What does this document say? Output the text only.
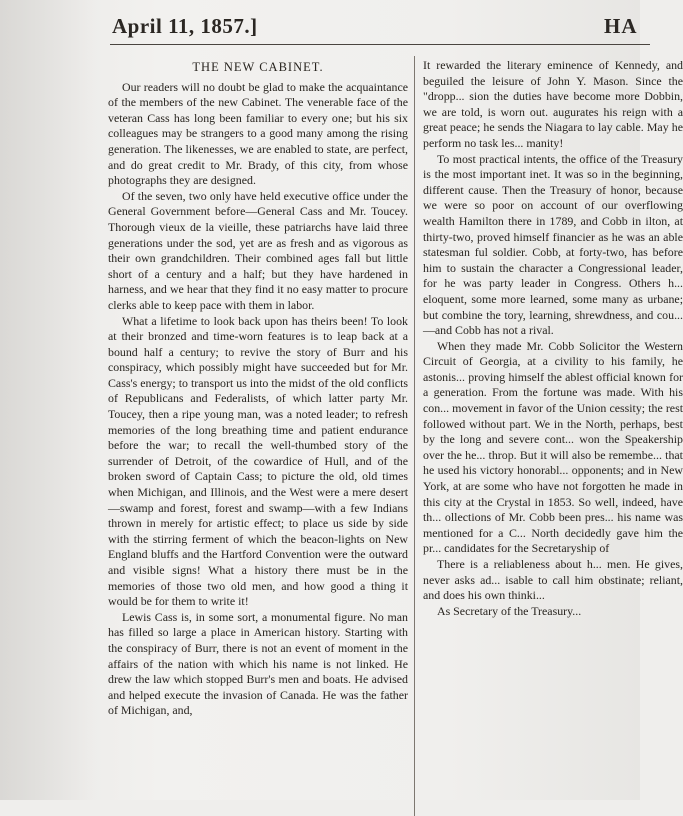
April 11, 1857.]	HA
THE NEW CABINET.

Our readers will no doubt be glad to make the acquaintance of the members of the new Cabinet. The venerable face of the veteran Cass has long been familiar to every one; but his six colleagues may be strangers to a good many among the rising generation. The likenesses, we are enabled to state, are perfect, and do great credit to Mr. Brady, of this city, from whose photographs they are designed.

Of the seven, two only have held executive office under the General Government before—General Cass and Mr. Toucey. Thorough vieux de la vieille, these patriarchs have laid three generations under the sod, yet are as fresh and as vigorous as their own grandchildren. Their combined ages fall but little short of a century and a half; but they have hardened in harness, and we hear that they find it no easy matter to procure clerks able to keep pace with them in labor.

What a lifetime to look back upon has theirs been! To look at their bronzed and time-worn features is to leap back at a bound half a century; to revive the story of Burr and his conspiracy, which possibly might have succeeded but for Mr. Cass's energy; to transport us into the midst of the old conflicts of Republicans and Federalists, of which latter party Mr. Toucey, then a ripe young man, was a noted leader; to refresh memories of the long breathing time and patient endurance before the war; to recall the well-thumbed story of the surrender of Detroit, of the cowardice of Hull, and of the broken sword of Captain Cass; to picture the old, old times when Michigan, and Illinois, and the West were a mere desert—swamp and forest, forest and swamp—with a few Indians thrown in merely for artistic effect; to place us side by side with the stirring ferment of which the beacon-lights on New England bluffs and the Hartford Convention were the outward and visible signs! What a history there must be in the memories of those two old men, and how good a thing it would be for them to write it!

Lewis Cass is, in some sort, a monumental figure. No man has filled so large a place in American history. Starting with the conspiracy of Burr, there is not an event of moment in the affairs of the nation with which his name is not linked. He drew the law which stopped Burr's men and boats. He advised and helped execute the invasion of Canada. He was the father of Michigan, and,

It rewarded the literary eminence of Kennedy, and beguiled the leisure of John Y. Mason. Since the "dropp... sion the duties have become more Dobbin, we are told, is worn out. augurates his reign with a great peace; he sends the Niagara to lay cable. May he perform no task les... manity!

To most practical intents, the office of the Treasury is the most important inet. It was so in the beginning, different cause. Then the Treasury of honor, because we were so poor on account of our overflowing wealth Hamilton there in 1789, and Cobb in ilton, at thirty-two, proved himself financier as he was an able statesman ful soldier. Cobb, at forty-two, has before him to sustain the character a Congressional leader, for he was party leader in Congress. Others h... eloquent, some more learned, some many as urbane; but combine the tory, learning, shrewdness, and cou... —and Cobb has not a rival.

When they made Mr. Cobb Solicitor the Western Circuit of Georgia, at a civility to his family, he astonis... proving himself the ablest official known for a generation. From the fortune was made. With his con... movement in favor of the Union cessity; the rest followed without part. We in the North, perhaps, best by the long and severe cont... won the Speakership over the he... throp. But it will also be remembe... that he used his victory honorabl... opponents; and in New York, at are some who have not forgotten he made in this city at the Crystal in 1853. So well, indeed, have th... ollections of Mr. Cobb been pres... his name was mentioned for a C... North decidedly gave him the pr... candidates for the Secretaryship of

There is a reliableness about h... men. He gives, never asks ad... isable to call him obstinate; reliant, and does his own thinki...

As Secretary of the Treasury...
